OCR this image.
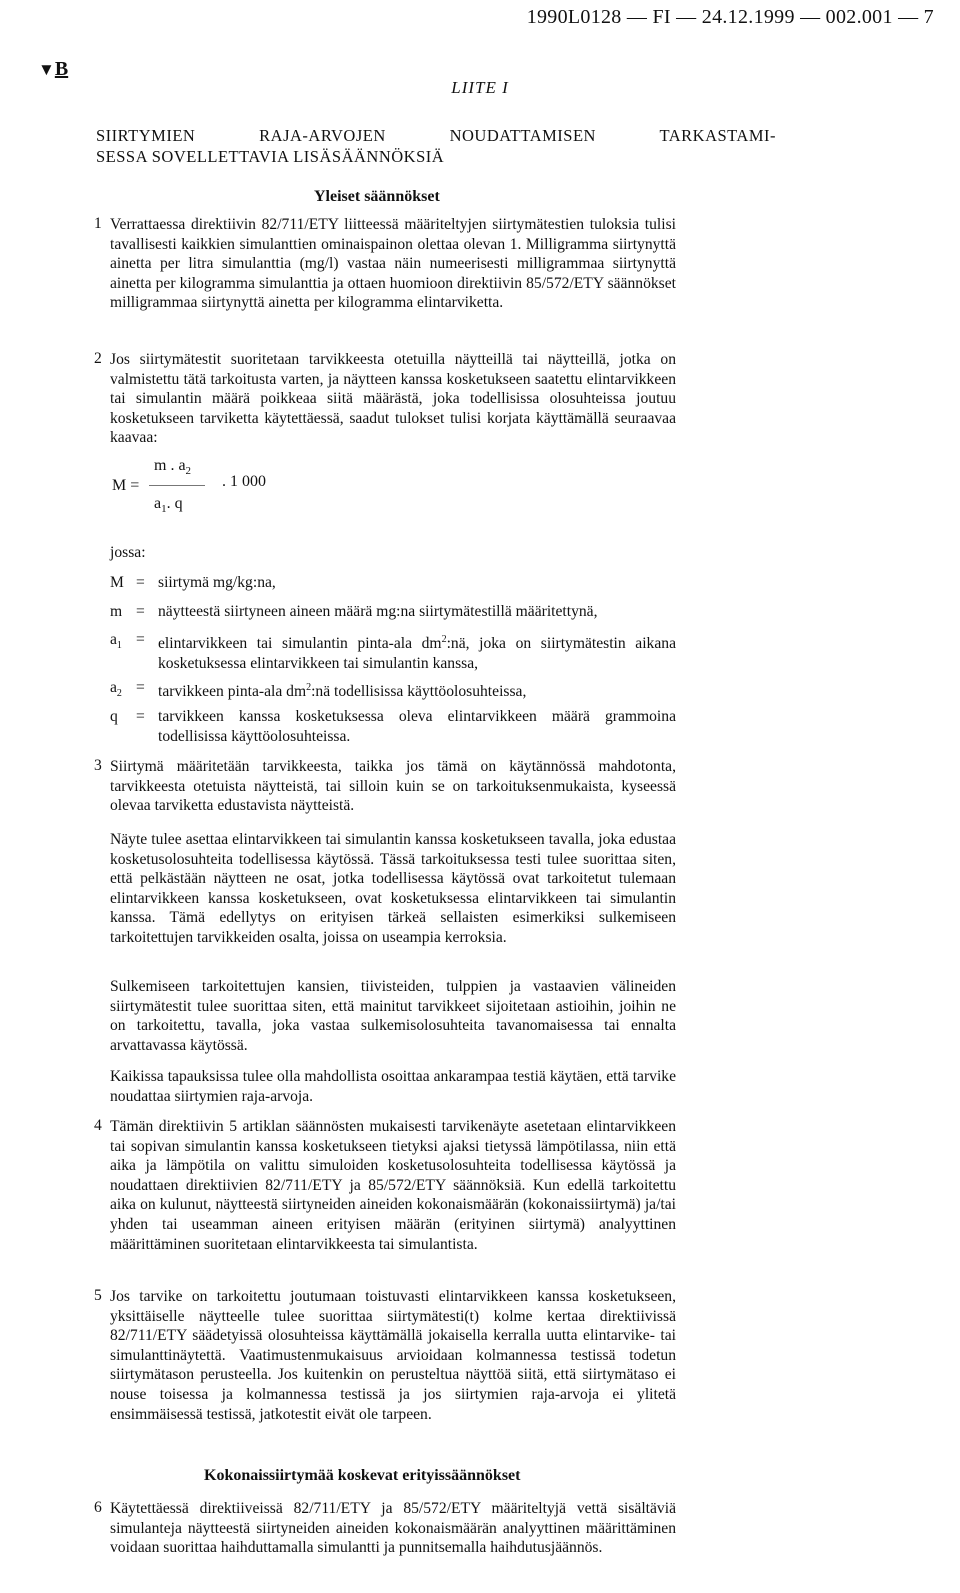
1990L0128 — FI — 24.12.1999 — 002.001 — 7
▼B
LIITE I
SIIRTYMIEN RAJA-ARVOJEN NOUDATTAMISEN TARKASTAMI-
SESSA SOVELLETTAVIA LISÄSÄÄNNÖKSIÄ
Yleiset säännökset
1 Verrattaessa direktiivin 82/711/ETY liitteessä määriteltyjen siirtymätestien tuloksia tulisi tavallisesti kaikkien simulanttien ominaispainon olettaa olevan 1. Milligramma siirtynyttä ainetta per litra simulanttia (mg/l) vastaa näin numeerisesti milligrammaa siirtynyttä ainetta per kilogramma simulanttia ja ottaen huomioon direktiivin 85/572/ETY säännökset milligrammaa siirtynyttä ainetta per kilogramma elintarviketta.
2 Jos siirtymätestit suoritetaan tarvikkeesta otetuilla näytteillä tai näytteillä, jotka on valmistettu tätä tarkoitusta varten, ja näytteen kanssa kosketukseen saatettu elintarvikkeen tai simulantin määrä poikkeaa siitä määrästä, joka todellisissa olosuhteissa joutuu kosketukseen tarviketta käytettäessä, saadut tulokset tulisi korjata käyttämällä seuraavaa kaavaa:
M =
m . $a_2$
$a_1$. q
. 1 000
jossa:
M = siirtymä mg/kg:na,
m = näytteestä siirtyneen aineen määrä mg:na siirtymätestillä määritettynä,
$a_1$ = elintarvikkeen tai simulantin pinta-ala $dm^2:nä$, joka on siirtymätestin aikana kosketuksessa elintarvikkeen tai simulantin kanssa,
$a_2$ = tarvikkeen pinta-ala $dm^2:nä$ todellisissa käyttöolosuhteissa,
q	= tarvikkeen kanssa kosketuksessa oleva elintarvikkeen määrä grammoina todellisissa käyttöolosuhteissa.
3 Siirtymä määritetään tarvikkeesta, taikka jos tämä on käytännössä mahdotonta, tarvikkeesta otetuista näytteistä, tai silloin kuin se on tarkoituksenmukaista, kyseessä olevaa tarviketta edustavista näytteistä.
Näyte tulee asettaa elintarvikkeen tai simulantin kanssa kosketukseen tavalla, joka edustaa kosketusolosuhteita todellisessa käytössä. Tässä tarkoituksessa testi tulee suorittaa siten, että pelkästään näytteen ne osat, jotka todellisessa käytössä ovat tarkoitetut tulemaan elintarvikkeen kanssa kosketukseen, ovat kosketuksessa elintarvikkeen tai simulantin kanssa. Tämä edellytys on erityisen tärkeä sellaisten esimerkiksi sulkemiseen tarkoitettujen tarvikkeiden osalta, joissa on useampia kerroksia.
Sulkemiseen tarkoitettujen kansien, tiivisteiden, tulppien ja vastaavien välineiden siirtymätestit tulee suorittaa siten, että mainitut tarvikkeet sijoitetaan astioihin, joihin ne on tarkoitettu, tavalla, joka vastaa sulkemisolosuhteita tavanomaisessa tai ennalta arvattavassa käytössä.
Kaikissa tapauksissa tulee olla mahdollista osoittaa ankarampaa testiä käytäen, että tarvike noudattaa siirtymien raja-arvoja.
4 Tämän direktiivin 5 artiklan säännösten mukaisesti tarvikenäyte asetetaan elintarvikkeen tai sopivan simulantin kanssa kosketukseen tietyksi ajaksi tietyssä lämpötilassa, niin että aika ja lämpötila on valittu simuloiden kosketusolosuhteita todellisessa käytössä ja noudattaen direktiivien 82/711/ETY ja 85/572/ETY säännöksiä. Kun edellä tarkoitettu aika on kulunut, näytteestä siirtyneiden aineiden kokonaismäärän (kokonaissiirtymä) ja/tai yhden tai useamman aineen erityisen määrän (erityinen siirtymä) analyyttinen määrittäminen suoritetaan elintarvikkeesta tai simulantista.
5 Jos tarvike on tarkoitettu joutumaan toistuvasti elintarvikkeen kanssa kosketukseen, yksittäiselle näytteelle tulee suorittaa siirtymätesti(t) kolme kertaa direktiivissä 82/711/ETY säädetyissä olosuhteissa käyttämällä jokaisella kerralla uutta elintarvike- tai simulanttinäytettä. Vaatimustenmukaisuus arvioidaan kolmannessa testissä todetun siirtymätason perusteella. Jos kuitenkin on perusteltua näyttöä siitä, että siirtymätaso ei nouse toisessa ja kolmannessa testissä ja jos siirtymien raja-arvoja ei ylitetä ensimmäisessä testissä, jatkotestit eivät ole tarpeen.
Kokonaissiirtymää koskevat erityissäännökset
6 Käytettäessä direktiiveissä 82/711/ETY ja 85/572/ETY määriteltyjä vettä sisältäviä simulanteja näytteestä siirtyneiden aineiden kokonaismäärän analyyttinen määrittäminen voidaan suorittaa haihduttamalla simulantti ja punnitsemalla haihdutusjäännös.
